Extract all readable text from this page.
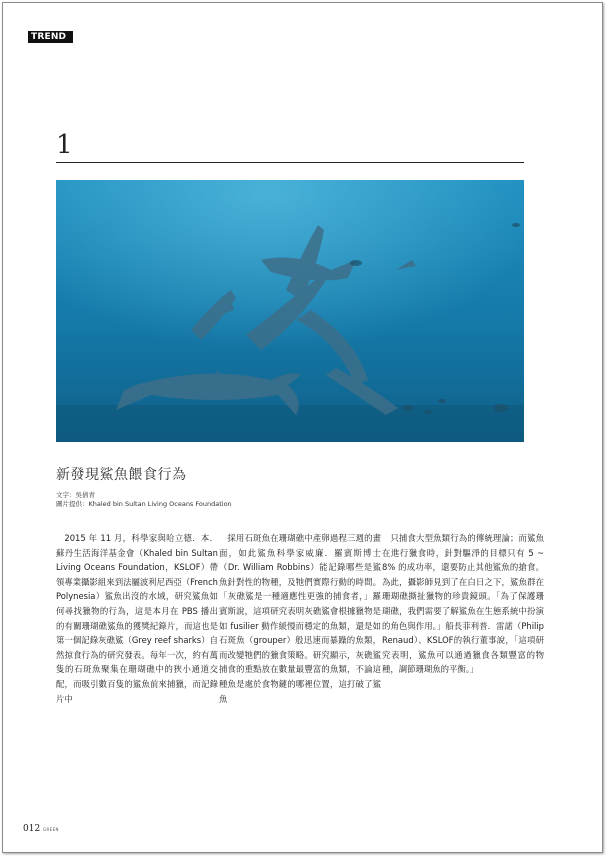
TREND
1
新發現鯊魚餵食行為
文字：吳倩青
圖片提供：Khaled bin Sultan Living Oceans Foundation

2015 年 11 月，科學家與哈立德．本．蘇丹生活海洋基金會（Khaled bin Sultan Living Oceans Foundation，KSLOF）帶領專業攝影組來到法屬波利尼西亞（French Polynesia）鯊魚出沒的水域，研究鯊魚如何尋找獵物的行為，這是本月在 PBS 播出的有關珊瑚礁鯊魚的獲獎紀錄片，而這也是第一個記錄灰礁鯊（Grey reef sharks）自然掠食行為的研究發表。每年一次，約有萬隻的石斑魚聚集在珊瑚礁中的狹小通道交配，而吸引數百隻的鯊魚前來捕獵，而記錄片中

採用石斑魚在珊瑚礁中產卵過程三週的畫面，如此鯊魚科學家威廉．羅賓斯博士（Dr. William Robbins）能記錄哪些是鯊魚針對性的物種，及牠們實際行動的時間。「灰礁鯊是一種適應性更強的捕食者，」羅賓斯說，這項研究表明灰礁鯊會根據獵物是如 fusilier 動作緩慢而穩定的魚類，還是如石斑魚（grouper）般迅速而暴躁的魚類，而改變牠們的獵食策略。研究顯示，灰礁鯊捕食的重點放在數量最豐富的魚類，不論這種魚是處於食物鏈的哪裡位置，這打破了鯊魚

只捕食大型魚類行為的傳統理論；而鯊魚在進行獵食時，針對驅淨的目標只有 5 ~ 8% 的成功率，還要防止其他鯊魚的搶食。為此，攝影師見到了在白日之下，鯊魚群在珊瑚礁撕扯獵物的珍貴鏡頭。「為了保護珊瑚礁，我們需要了解鯊魚在生態系統中扮演的角色與作用。」船長菲利普．雷諾（Philip Renaud）、KSLOF的執行董事說，「這項研究表明，鯊魚可以通過獵食各類豐富的物種，調節珊瑚魚的平衡。」

012 GREEN
